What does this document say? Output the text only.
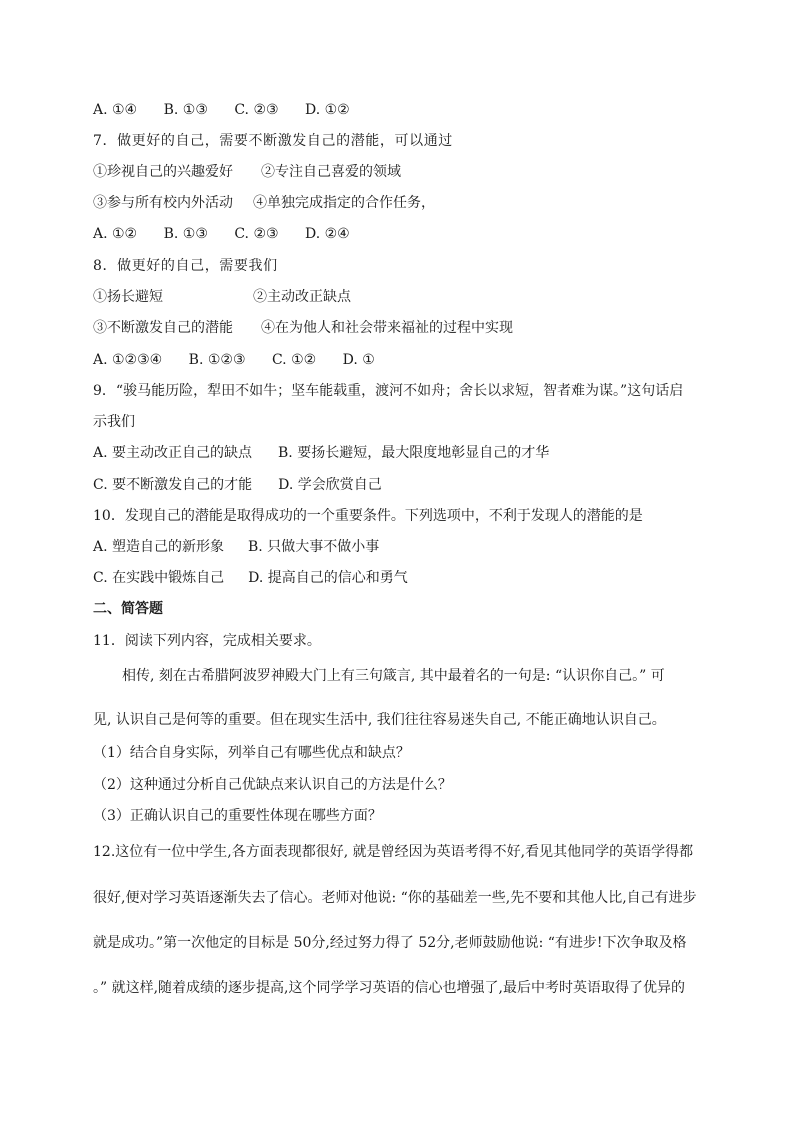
A. ①④ B. ①③ C. ②③ D. ①②
7．做更好的自己，需要不断激发自己的潜能，可以通过
①珍视自己的兴趣爱好 ②专注自己喜爱的领域
③参与所有校内外活动 ④单独完成指定的合作任务，
A. ①② B. ①③ C. ②③ D. ②④
8．做更好的自己，需要我们
①扬长避短	②主动改正缺点
③不断激发自己的潜能 ④在为他人和社会带来福祉的过程中实现
A. ①②③④ B. ①②③ C. ①② D. ①
9．“骏马能历险，犁田不如牛；坚车能载重，渡河不如舟；舍长以求短，智者难为谋。”这句话启
示我们
A. 要主动改正自己的缺点 B. 要扬长避短，最大限度地彰显自己的才华
C. 要不断激发自己的才能 D. 学会欣赏自己
10．发现自己的潜能是取得成功的一个重要条件。下列选项中，不利于发现人的潜能的是
A. 塑造自己的新形象 B. 只做大事不做小事
C. 在实践中锻炼自己 D. 提高自己的信心和勇气
二、简答题
11．阅读下列内容，完成相关要求。
相传, 刻在古希腊阿波罗神殿大门上有三句箴言, 其中最着名的一句是: “认识你自己。” 可
见, 认识自己是何等的重要。但在现实生活中, 我们往往容易迷失自己, 不能正确地认识自己。
（1）结合自身实际，列举自己有哪些优点和缺点？
（2）这种通过分析自己优缺点来认识自己的方法是什么？
（3）正确认识自己的重要性体现在哪些方面？
12.这位有一位中学生,各方面表现都很好, 就是曾经因为英语考得不好,看见其他同学的英语学得都
很好,便对学习英语逐渐失去了信心。老师对他说: “你的基础差一些,先不要和其他人比,自己有进步
就是成功。”第一次他定的目标是 50分,经过努力得了 52分,老师鼓励他说: “有进步!下次争取及格
。” 就这样,随着成绩的逐步提高,这个同学学习英语的信心也增强了,最后中考时英语取得了优异的
